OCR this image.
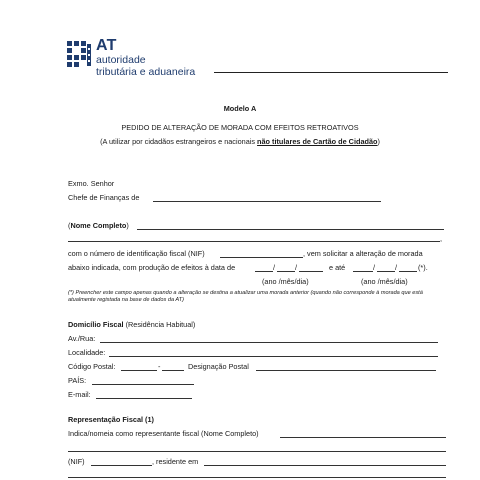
AT
autoridade
tributária e aduaneira
Modelo A
PEDIDO DE ALTERAÇÃO DE MORADA COM EFEITOS RETROATIVOS
(A utilizar por cidadãos estrangeiros e nacionais não titulares de Cartão de Cidadão)
Exmo. Senhor
Chefe de Finanças de
(Nome Completo)
,
com o número de identificação fiscal (NIF)	, vem solicitar a alteração de morada
abaixo indicada, com produção de efeitos à data de	/	/	e até	/	/	(*).
(ano /mês/dia)	(ano /mês/dia)
(*) Preencher este campo apenas quando a alteração se destina a atualizar uma morada anterior (quando não corresponde à morada que está atualmente registada na base de dados da AT)
Domicílio Fiscal (Residência Habitual)
Av./Rua:
Localidade:
Código Postal:	-	Designação Postal
PAÍS:
E-mail:
Representação Fiscal (1)
Indica/nomeia como representante fiscal (Nome Completo)
(NIF)	, residente em
